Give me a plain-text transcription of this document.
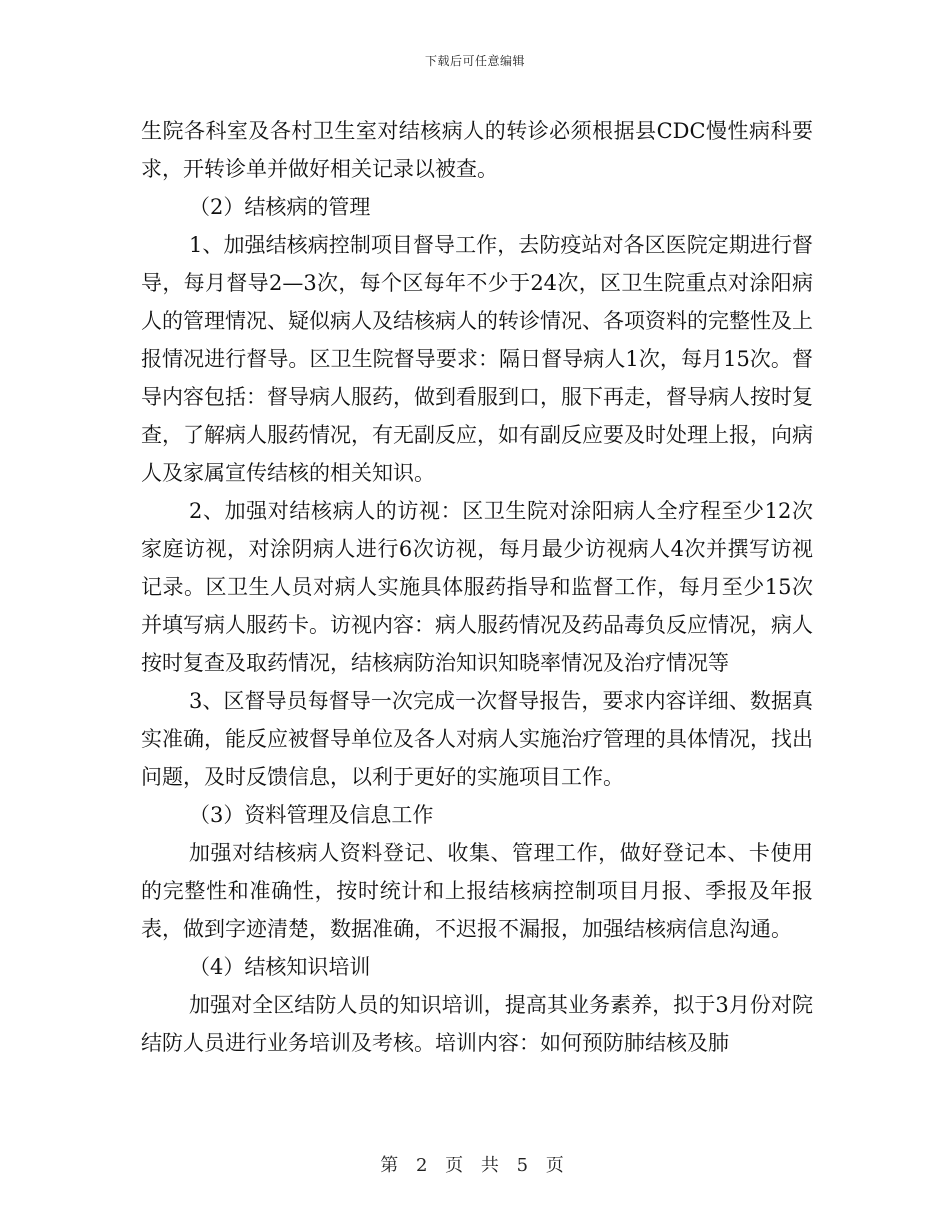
下载后可任意编辑

生院各科室及各村卫生室对结核病人的转诊必须根据县CDC慢性病科要求，开转诊单并做好相关记录以被查。

（2）结核病的管理

1、加强结核病控制项目督导工作，去防疫站对各区医院定期进行督导，每月督导2—3次，每个区每年不少于24次，区卫生院重点对涂阳病人的管理情况、疑似病人及结核病人的转诊情况、各项资料的完整性及上报情况进行督导。区卫生院督导要求：隔日督导病人1次，每月15次。督导内容包括：督导病人服药，做到看服到口，服下再走，督导病人按时复查，了解病人服药情况，有无副反应，如有副反应要及时处理上报，向病人及家属宣传结核的相关知识。

2、加强对结核病人的访视：区卫生院对涂阳病人全疗程至少12次家庭访视，对涂阴病人进行6次访视，每月最少访视病人4次并撰写访视记录。区卫生人员对病人实施具体服药指导和监督工作，每月至少15次并填写病人服药卡。访视内容：病人服药情况及药品毒负反应情况，病人按时复查及取药情况，结核病防治知识知晓率情况及治疗情况等

3、区督导员每督导一次完成一次督导报告，要求内容详细、数据真实准确，能反应被督导单位及各人对病人实施治疗管理的具体情况，找出问题，及时反馈信息，以利于更好的实施项目工作。

（3）资料管理及信息工作

加强对结核病人资料登记、收集、管理工作，做好登记本、卡使用的完整性和准确性，按时统计和上报结核病控制项目月报、季报及年报表，做到字迹清楚，数据准确，不迟报不漏报，加强结核病信息沟通。

（4）结核知识培训

加强对全区结防人员的知识培训，提高其业务素养，拟于3月份对院结防人员进行业务培训及考核。培训内容：如何预防肺结核及肺

第 2 页 共 5 页
